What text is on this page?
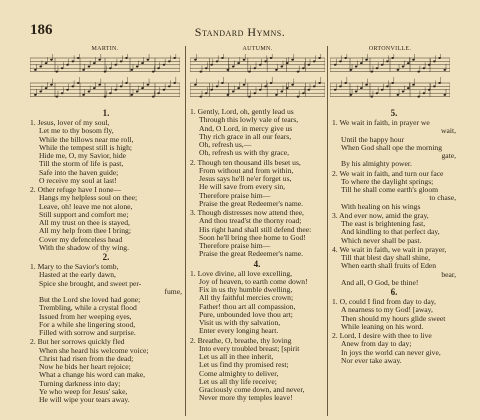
186	Standard Hymns.
MARTIN.	AUTUMN.	ORTONVILLE.
1.
1. Jesus, lover of my soul,
Let me to thy bosom fly,
While the billows near me roll,
While the tempest still is high;
Hide me, O, my Savior, hide
Till the storm of life is past,
Safe into the haven guide;
O receive my soul at last!
2. Other refuge have I none—
Hangs my helpless soul on thee;
Leave, oh! leave me not alone,
Still support and comfort me;
All my trust on thee is stayed,
All my help from thee I bring;
Cover my defenceless head
With the shadow of thy wing.
2.
1. Mary to the Savior's tomb,
Hasted at the early dawn,
Spice she brought, and sweet per-
fume,
But the Lord she loved had gone;
Trembling, while a crystal flood
Issued from her weeping eyes,
For a while she lingering stood,
Filled with sorrow and surprise.
2. But her sorrows quickly fled
When she heard his welcome voice;
Christ had risen from the dead;
Now he bids her heart rejoice;
What a change his word can make,
Turning darkness into day;
Ye who weep for Jesus' sake,
He will wipe your tears away.
1. Gently, Lord, oh, gently lead us
Through this lowly vale of tears,
And, O Lord, in mercy give us
Thy rich grace in all our fears,
Oh, refresh us,—
Oh, refresh us with thy grace,
2. Though ten thousand ills beset us,
From without and from within,
Jesus says he'll ne'er forget us,
He will save from every sin,
Therefore praise him—
Praise the great Redeemer's name.
3. Though distresses now attend thee,
And thou tread'st the thorny road;
His right hand shall still defend thee:
Soon he'll bring thee home to God!
Therefore praise him—
Praise the great Redeemer's name.
4.
1. Love divine, all love excelling,
Joy of heaven, to earth come down!
Fix in us thy humble dwelling,
All thy faithful mercies crown;
Father! thou art all compassion,
Pure, unbounded love thou art;
Visit us with thy salvation,
Enter every longing heart.
2. Breathe, O, breathe, thy loving
Into every troubled breast; [spirit
Let us all in thee inherit,
Let us find thy promised rest;
Come almighty to deliver,
Let us all thy life receive;
Graciously come down, and never,
Never more thy temples leave!
5.
1. We wait in faith, in prayer we
wait,
Until the happy hour
When God shall ope the morning
gate,
By his almighty power.
2. We wait in faith, and turn our face
To where the daylight springs;
Till he shall come earth's gloom
to chase,
With healing on his wings
3. And ever now, amid the gray,
The east is brightening fast,
And kindling to that perfect day,
Which never shall be past.
4. We wait in faith, we wait in prayer,
Till that blest day shall shine,
When earth shall fruits of Eden
bear,
And all, O God, be thine!
6.
1. O, could I find from day to day,
A nearness to my God! [away,
Then should my hours glide sweet
While leaning on his word.
2. Lord, I desire with thee to live
Anew from day to day;
In joys the world can never give,
Nor ever take away.
